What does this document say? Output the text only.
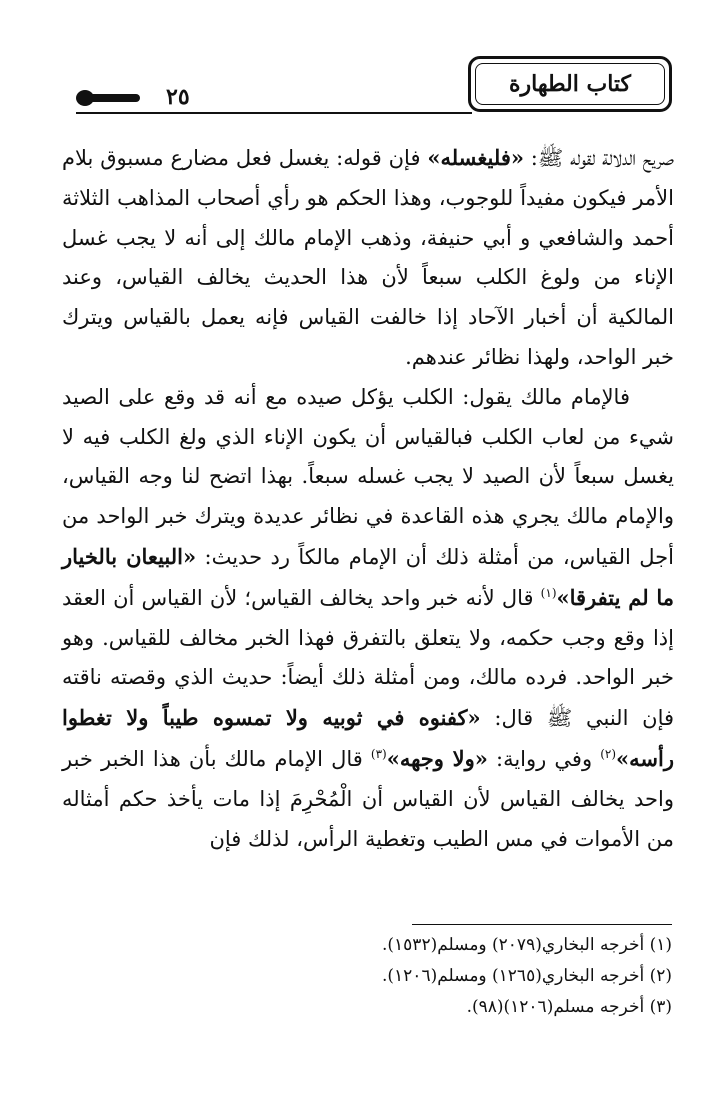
كتاب الطهارة
٢٥

صريح الدلالة لقوله ﷺ: «فليغسله» فإن قوله: يغسل فعل مضارع مسبوق بلام الأمر فيكون مفيداً للوجوب، وهذا الحكم هو رأي أصحاب المذاهب الثلاثة أحمد والشافعي و أبي حنيفة، وذهب الإمام مالك إلى أنه لا يجب غسل الإناء من ولوغ الكلب سبعاً لأن هذا الحديث يخالف القياس، وعند المالكية أن أخبار الآحاد إذا خالفت القياس فإنه يعمل بالقياس ويترك خبر الواحد، ولهذا نظائر عندهم.

فالإمام مالك يقول: الكلب يؤكل صيده مع أنه قد وقع على الصيد شيء من لعاب الكلب فبالقياس أن يكون الإناء الذي ولغ الكلب فيه لا يغسل سبعاً لأن الصيد لا يجب غسله سبعاً. بهذا اتضح لنا وجه القياس، والإمام مالك يجري هذه القاعدة في نظائر عديدة ويترك خبر الواحد من أجل القياس، من أمثلة ذلك أن الإمام مالكاً رد حديث: «البيعان بالخيار ما لم يتفرقا»$^{(١)}$ قال لأنه خبر واحد يخالف القياس؛ لأن القياس أن العقد إذا وقع وجب حكمه، ولا يتعلق بالتفرق فهذا الخبر مخالف للقياس. وهو خبر الواحد. فرده مالك، ومن أمثلة ذلك أيضاً: حديث الذي وقصته ناقته فإن النبي ﷺ قال: «كفنوه في ثوبيه ولا تمسوه طيباً ولا تغطوا رأسه»$^{(٢)}$ وفي رواية: «ولا وجهه»$^{(٣)}$ قال الإمام مالك بأن هذا الخبر خبر واحد يخالف القياس لأن القياس أن الْمُحْرِمَ إذا مات يأخذ حكم أمثاله من الأموات في مس الطيب وتغطية الرأس، لذلك فإن

(١) أخرجه البخاري(٢٠٧٩) ومسلم(١٥٣٢).
(٢) أخرجه البخاري(١٢٦٥) ومسلم(١٢٠٦).
(٣) أخرجه مسلم(١٢٠٦)(٩٨).
